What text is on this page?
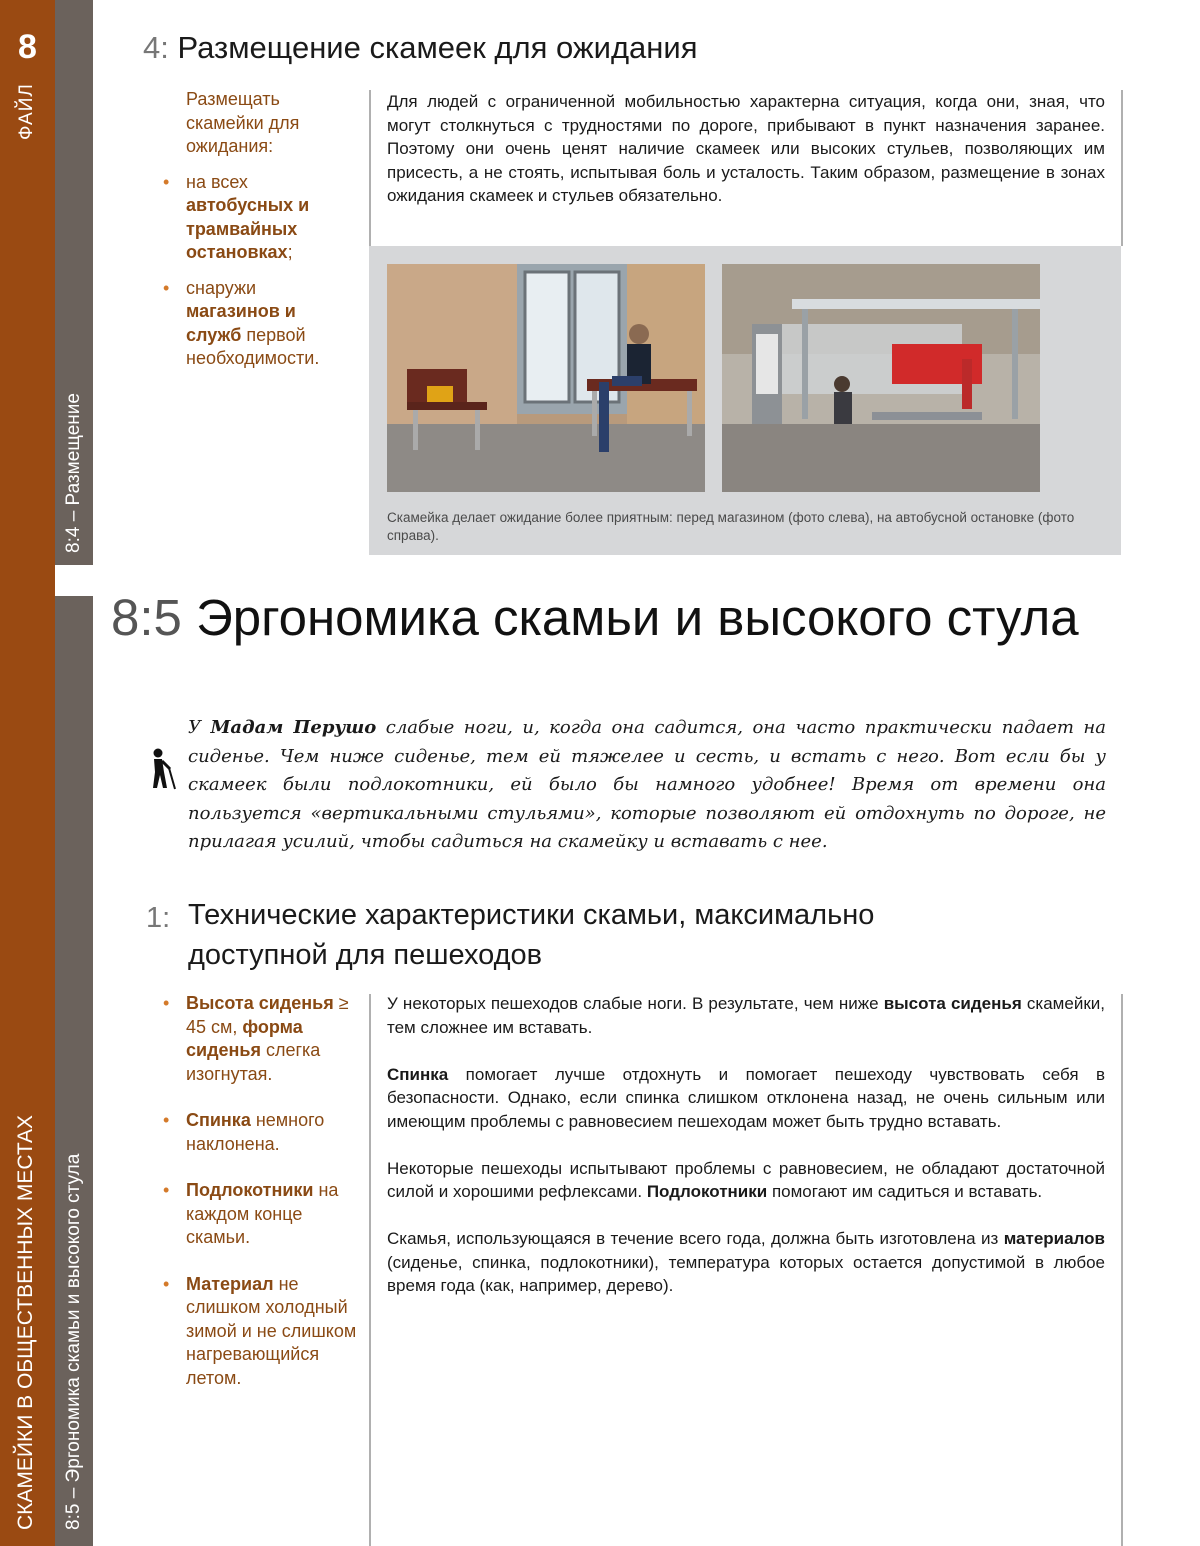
8
ФАЙЛ
8:4 – Размещение
СКАМЕЙКИ В ОБЩЕСТВЕННЫХ МЕСТАХ 8:5 – Эргономика скамьи и высокого стула
4: Размещение скамеек для ожидания

Размещать скамейки для ожидания:

• на всех автобусных и трамвайных остановках;
• снаружи магазинов и служб первой необходимости.
Для людей с ограниченной мобильностью характерна ситуация, когда они, зная, что могут столкнуться с трудностями по дороге, прибывают в пункт назначения заранее. Поэтому они очень ценят наличие скамеек или высоких стульев, позволяющих им присесть, а не стоять, испытывая боль и усталость. Таким образом, размещение в зонах ожидания скамеек и стульев обязательно.
Скамейка делает ожидание более приятным: перед магазином (фото слева), на автобусной остановке (фото справа).
8:5 Эргономика скамьи и высокого стула
У Мадам Перушо слабые ноги, и, когда она садится, она часто практически падает на сиденье. Чем ниже сиденье, тем ей тяжелее и сесть, и встать с него. Вот если бы у скамеек были подлокотники, ей было бы намного удобнее! Время от времени она пользуется «вертикальными стульями», которые позволяют ей отдохнуть по дороге, не прилагая усилий, чтобы садиться на скамейку и вставать с нее.
1: Технические характеристики скамьи, максимально доступной для пешеходов
• Высота сиденья ≥ 45 см, форма сиденья слегка изогнутая.
• Спинка немного наклонена.
• Подлокотники на каждом конце скамьи.
• Материал не слишком холодный зимой и не слишком нагревающийся летом.

У некоторых пешеходов слабые ноги. В результате, чем ниже высота сиденья скамейки, тем сложнее им вставать.

Спинка помогает лучше отдохнуть и помогает пешеходу чувствовать себя в безопасности. Однако, если спинка слишком отклонена назад, не очень сильным или имеющим проблемы с равновесием пешеходам может быть трудно вставать.

Некоторые пешеходы испытывают проблемы с равновесием, не обладают достаточной силой и хорошими рефлексами. Подлокотники помогают им садиться и вставать.

Скамья, использующаяся в течение всего года, должна быть изготовлена из материалов (сиденье, спинка, подлокотники), температура которых остается допустимой в любое время года (как, например, дерево).
